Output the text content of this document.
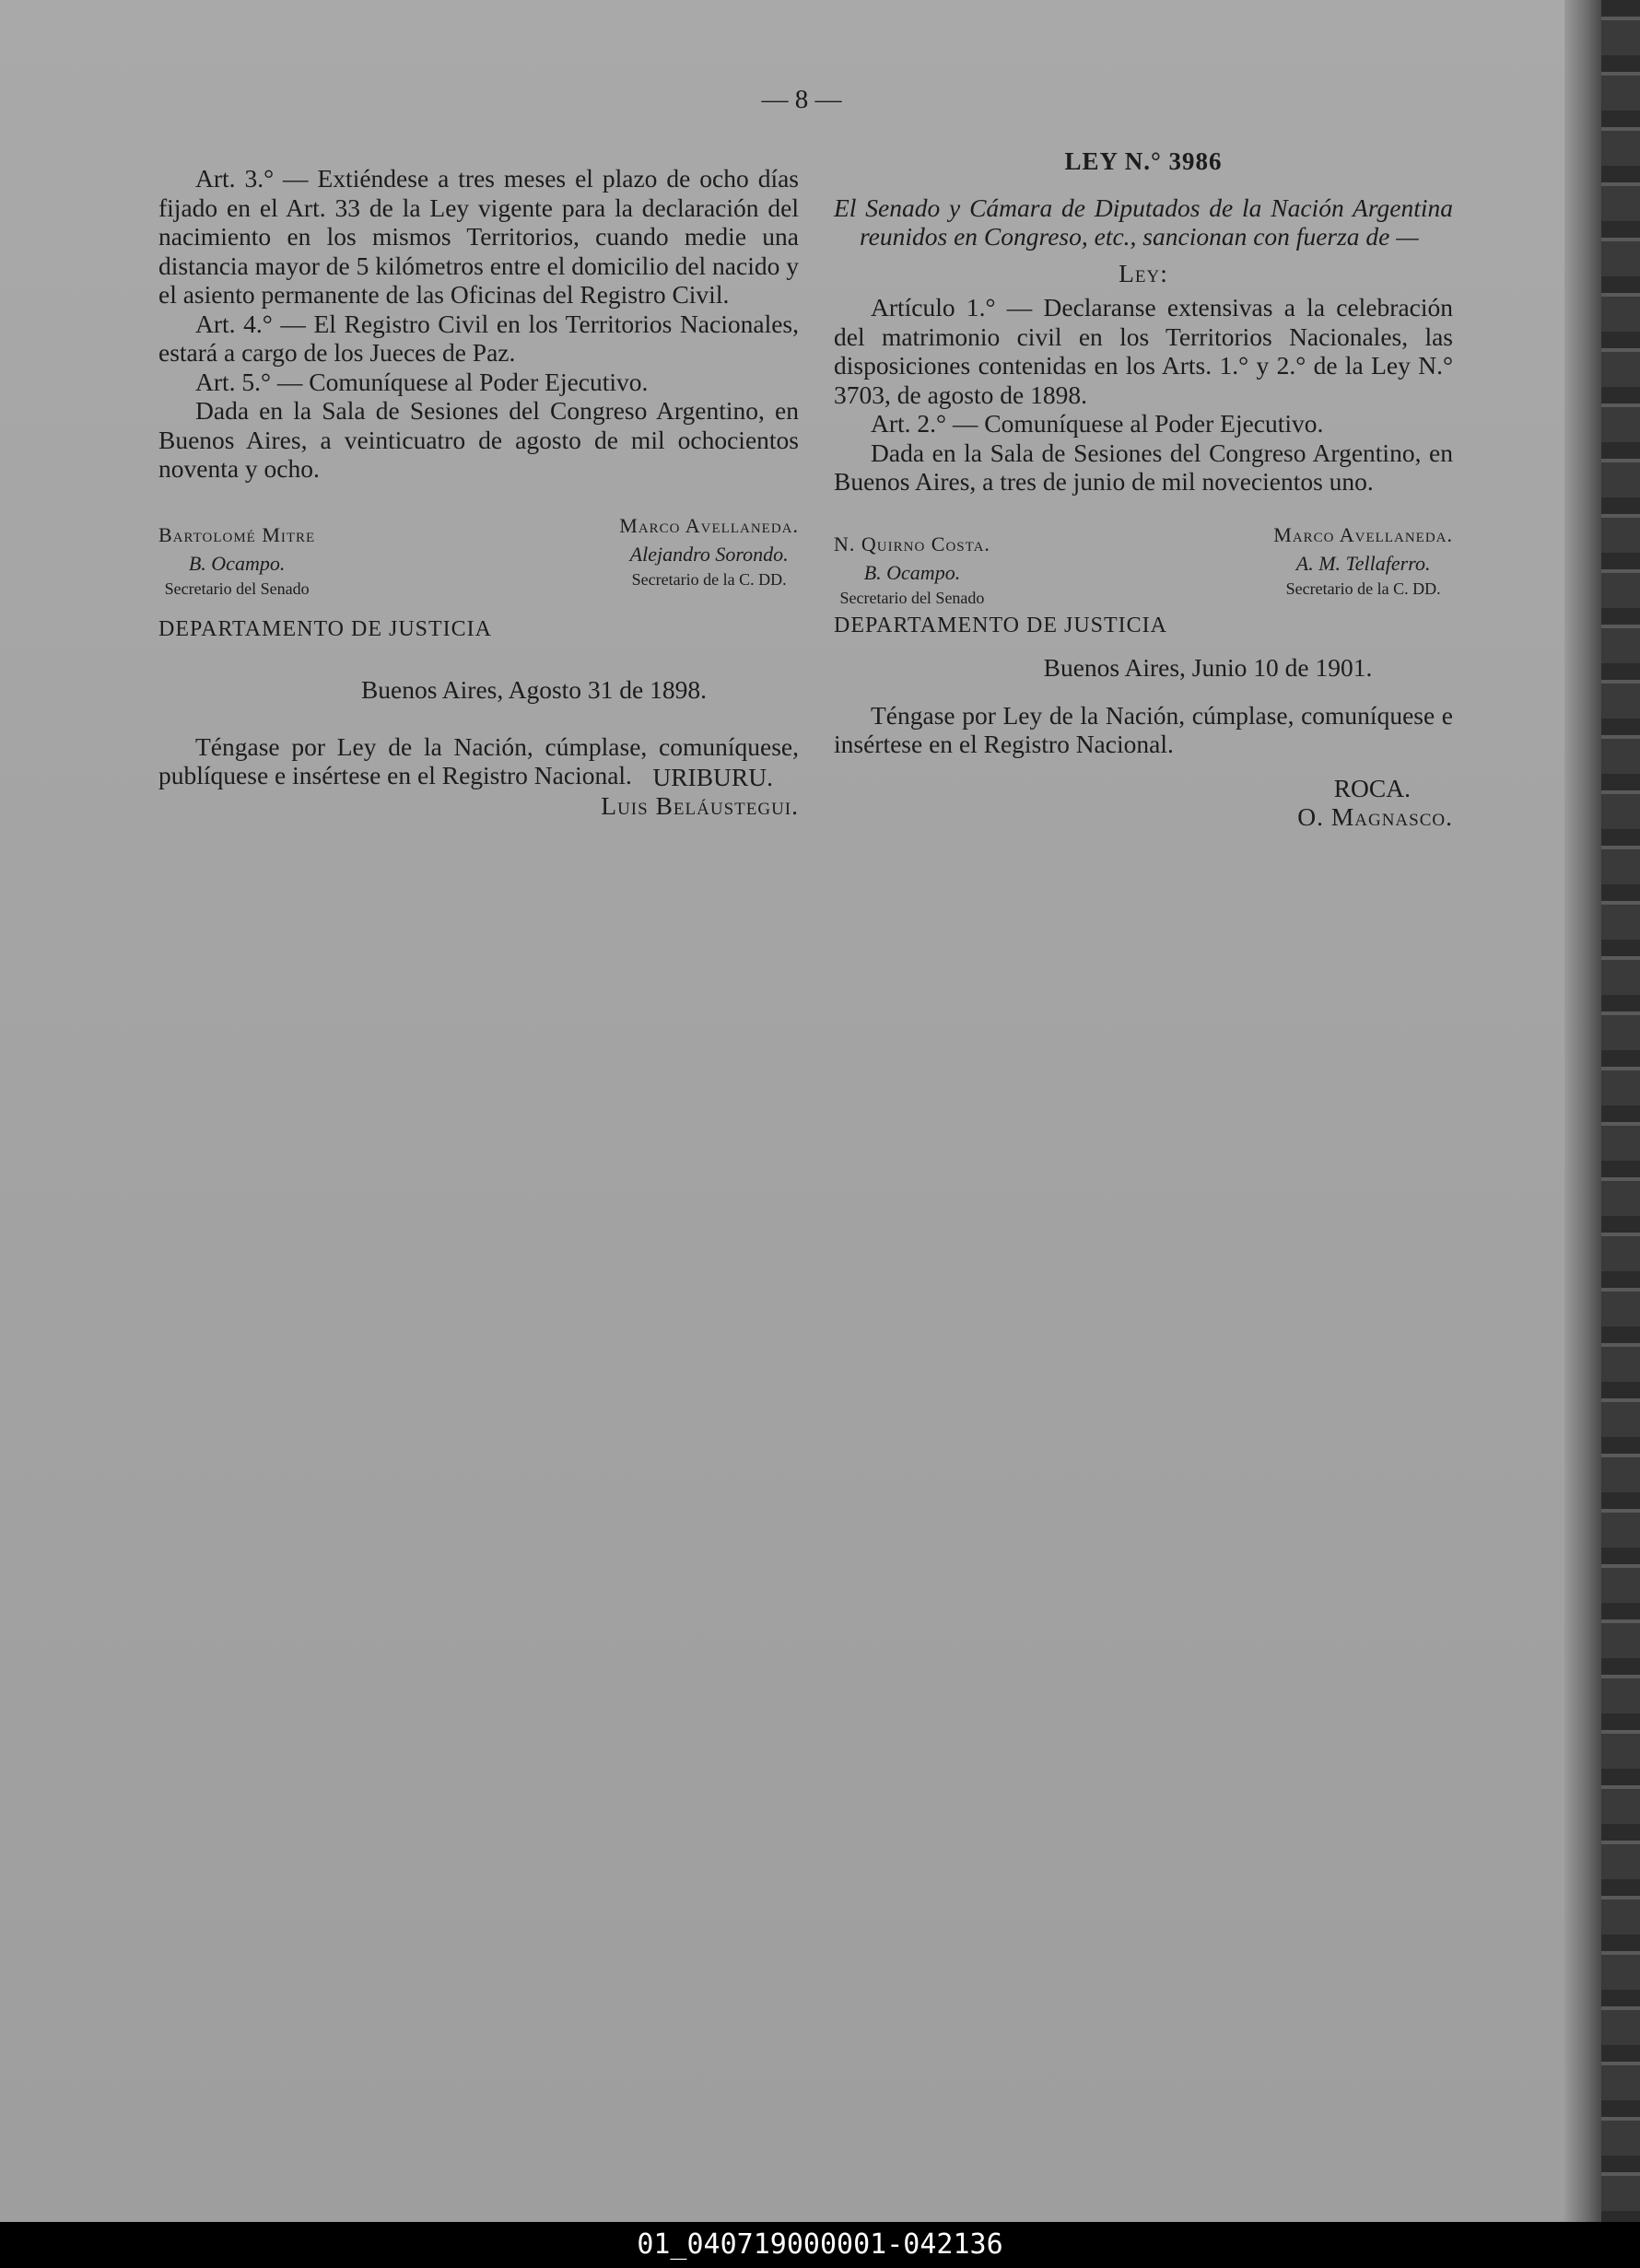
— 8 —

Art. 3.° — Extiéndese a tres meses el plazo de ocho días fijado en el Art. 33 de la Ley vigente para la declaración del nacimiento en los mismos Territorios, cuando medie una distancia mayor de 5 kilómetros entre el domicilio del nacido y el asiento permanente de las Oficinas del Registro Civil.

Art. 4.° — El Registro Civil en los Territorios Nacionales, estará a cargo de los Jueces de Paz.

Art. 5.° — Comuníquese al Poder Ejecutivo.

Dada en la Sala de Sesiones del Congreso Argentino, en Buenos Aires, a veinticuatro de agosto de mil ochocientos noventa y ocho.

Bartolomé Mitre
B. Ocampo.
Secretario del Senado
Marco Avellaneda.
Alejandro Sorondo.
Secretario de la C. DD.
DEPARTAMENTO DE JUSTICIA
Buenos Aires, Agosto 31 de 1898.

Téngase por Ley de la Nación, cúmplase, comuníquese, publíquese e insértese en el Registro Nacional. URIBURU.
Luis Beláustegui.
LEY N.° 3986

El Senado y Cámara de Diputados de la Nación Argentina reunidos en Congreso, etc., sancionan con fuerza de —

Ley:

Artículo 1.° — Declaranse extensivas a la celebración del matrimonio civil en los Territorios Nacionales, las disposiciones contenidas en los Arts. 1.° y 2.° de la Ley N.° 3703, de agosto de 1898.

Art. 2.° — Comuníquese al Poder Ejecutivo.

Dada en la Sala de Sesiones del Congreso Argentino, en Buenos Aires, a tres de junio de mil novecientos uno.

N. Quirno Costa.
B. Ocampo.
Secretario del Senado
Marco Avellaneda.
A. M. Tellaferro.
Secretario de la C. DD.
DEPARTAMENTO DE JUSTICIA
Buenos Aires, Junio 10 de 1901.

Téngase por Ley de la Nación, cúmplase, comuníquese e insértese en el Registro Nacional.

ROCA.
O. Magnasco.
01_040719000001-042136
